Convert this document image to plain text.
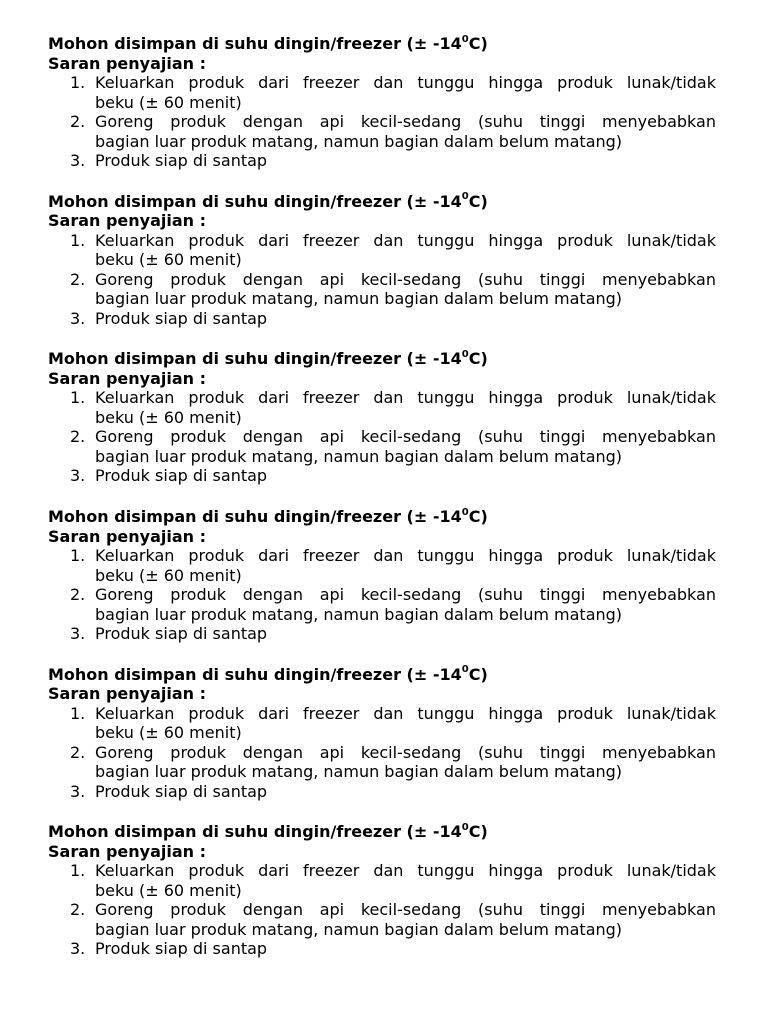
Mohon disimpan di suhu dingin/freezer (± $-14^0C$)
Saran penyajian :
1. Keluarkan produk dari freezer dan tunggu hingga produk lunak/tidak
beku (± 60 menit)
2. Goreng produk dengan api kecil-sedang (suhu tinggi menyebabkan
bagian luar produk matang, namun bagian dalam belum matang)
3. Produk siap di santap
Mohon disimpan di suhu dingin/freezer (± $-14^0C$)
Saran penyajian :
1. Keluarkan produk dari freezer dan tunggu hingga produk lunak/tidak
beku (± 60 menit)
2. Goreng produk dengan api kecil-sedang (suhu tinggi menyebabkan
bagian luar produk matang, namun bagian dalam belum matang)
3. Produk siap di santap
Mohon disimpan di suhu dingin/freezer (± $-14^0C$)
Saran penyajian :
1. Keluarkan produk dari freezer dan tunggu hingga produk lunak/tidak
beku (± 60 menit)
2. Goreng produk dengan api kecil-sedang (suhu tinggi menyebabkan
bagian luar produk matang, namun bagian dalam belum matang)
3. Produk siap di santap
Mohon disimpan di suhu dingin/freezer (± $-14^0C$)
Saran penyajian :
1. Keluarkan produk dari freezer dan tunggu hingga produk lunak/tidak
beku (± 60 menit)
2. Goreng produk dengan api kecil-sedang (suhu tinggi menyebabkan
bagian luar produk matang, namun bagian dalam belum matang)
3. Produk siap di santap
Mohon disimpan di suhu dingin/freezer (± $-14^0C$)
Saran penyajian :
1. Keluarkan produk dari freezer dan tunggu hingga produk lunak/tidak
beku (± 60 menit)
2. Goreng produk dengan api kecil-sedang (suhu tinggi menyebabkan
bagian luar produk matang, namun bagian dalam belum matang)
3. Produk siap di santap
Mohon disimpan di suhu dingin/freezer (± $-14^0C$)
Saran penyajian :
1. Keluarkan produk dari freezer dan tunggu hingga produk lunak/tidak
beku (± 60 menit)
2. Goreng produk dengan api kecil-sedang (suhu tinggi menyebabkan
bagian luar produk matang, namun bagian dalam belum matang)
3. Produk siap di santap
